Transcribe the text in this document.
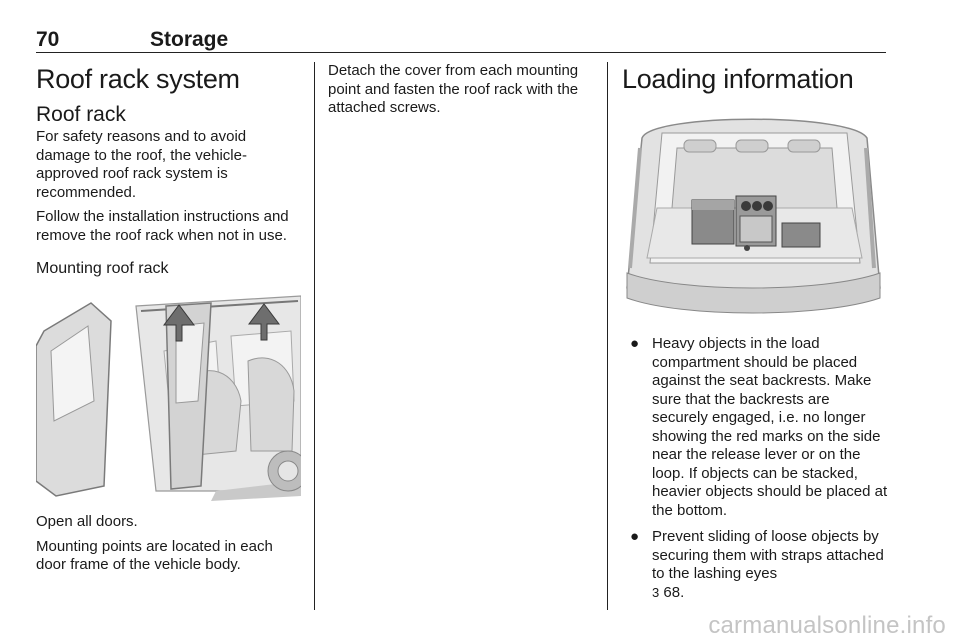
70	Storage
Roof rack system
Roof rack

For safety reasons and to avoid damage to the roof, the vehicle-approved roof rack system is recommended.

Follow the installation instructions and remove the roof rack when not in use.

Mounting roof rack

Open all doors.

Mounting points are located in each door frame of the vehicle body.

Detach the cover from each mounting point and fasten the roof rack with the attached screws.

Loading information
● Heavy objects in the load compartment should be placed against the seat backrests. Make sure that the backrests are securely engaged, i.e. no longer showing the red marks on the side near the release lever or on the loop. If objects can be stacked, heavier objects should be placed at the bottom.
● Prevent sliding of loose objects by securing them with straps attached to the lashing eyes
3 68.
carmanualsonline.info
